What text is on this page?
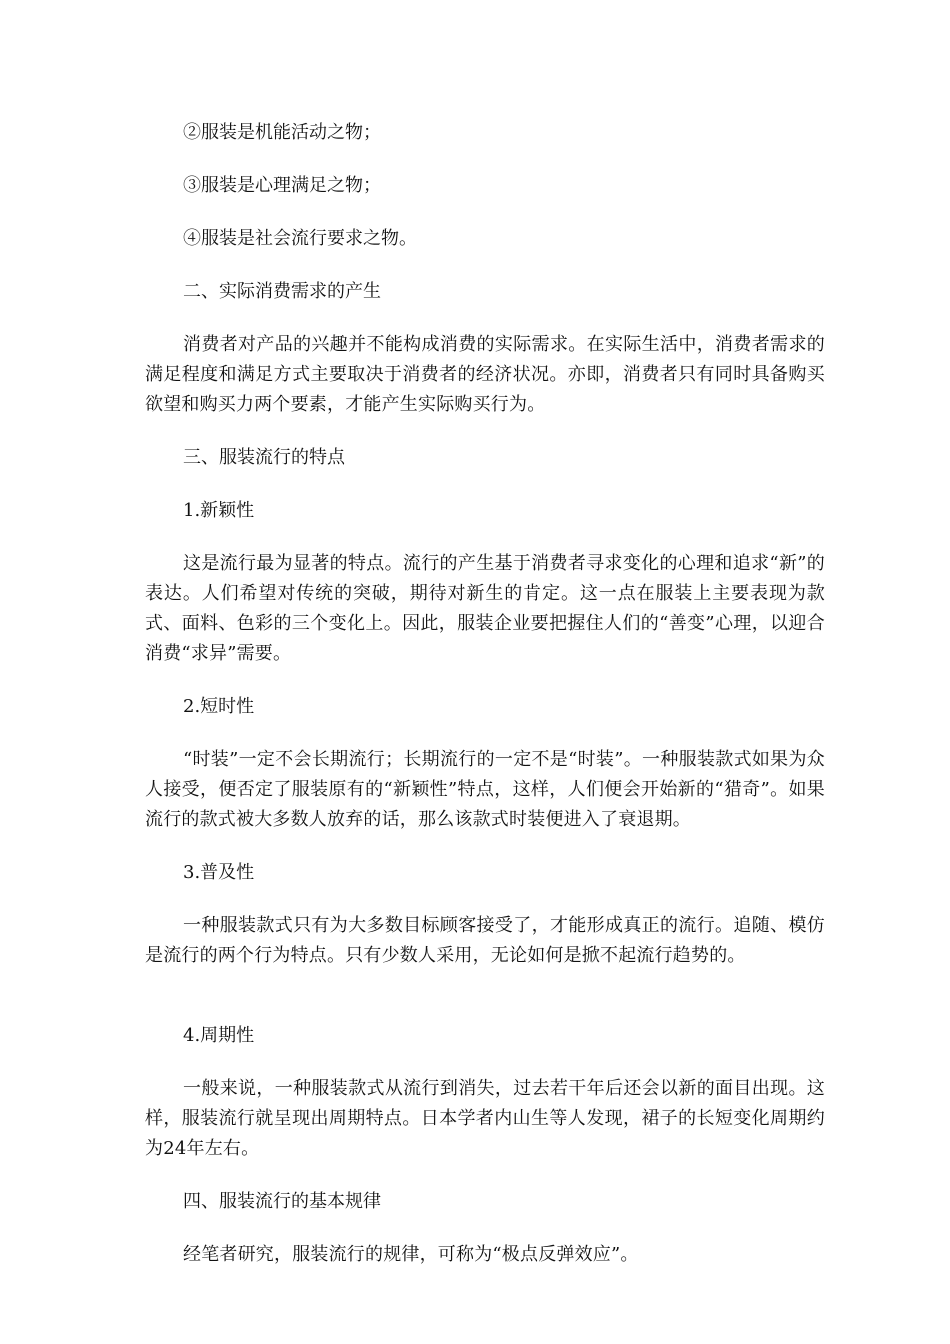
②服装是机能活动之物；

③服装是心理满足之物；

④服装是社会流行要求之物。

二、实际消费需求的产生

消费者对产品的兴趣并不能构成消费的实际需求。在实际生活中，消费者需求的满足程度和满足方式主要取决于消费者的经济状况。亦即，消费者只有同时具备购买欲望和购买力两个要素，才能产生实际购买行为。

三、服装流行的特点

1.新颖性

这是流行最为显著的特点。流行的产生基于消费者寻求变化的心理和追求“新”的表达。人们希望对传统的突破，期待对新生的肯定。这一点在服装上主要表现为款式、面料、色彩的三个变化上。因此，服装企业要把握住人们的“善变”心理，以迎合消费“求异”需要。

2.短时性

“时装”一定不会长期流行；长期流行的一定不是“时装”。一种服装款式如果为众人接受，便否定了服装原有的“新颖性”特点，这样，人们便会开始新的“猎奇”。如果流行的款式被大多数人放弃的话，那么该款式时装便进入了衰退期。

3.普及性

一种服装款式只有为大多数目标顾客接受了，才能形成真正的流行。追随、模仿是流行的两个行为特点。只有少数人采用，无论如何是掀不起流行趋势的。

4.周期性

一般来说，一种服装款式从流行到消失，过去若干年后还会以新的面目出现。这样，服装流行就呈现出周期特点。日本学者内山生等人发现，裙子的长短变化周期约为24年左右。

四、服装流行的基本规律

经笔者研究，服装流行的规律，可称为“极点反弹效应”。
